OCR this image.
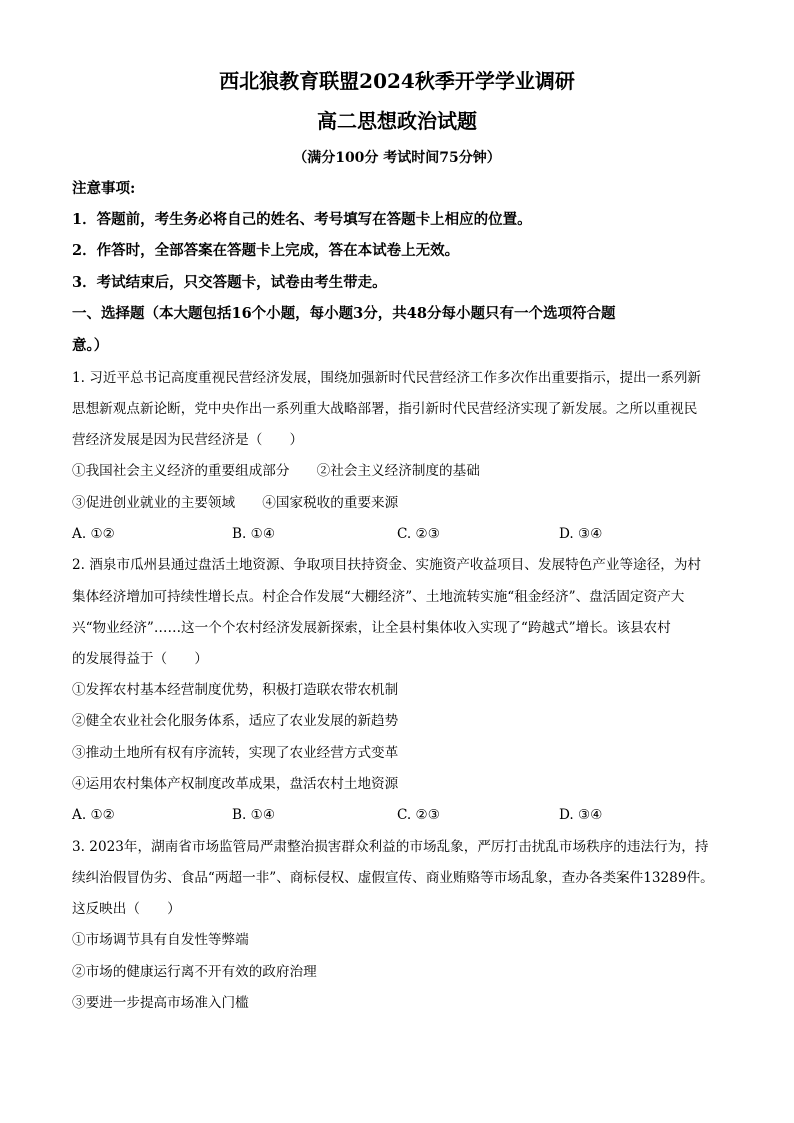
西北狼教育联盟2024秋季开学学业调研
高二思想政治试题
（满分100分 考试时间75分钟）
注意事项:
1．答题前，考生务必将自己的姓名、考号填写在答题卡上相应的位置。
2．作答时，全部答案在答题卡上完成，答在本试卷上无效。
3．考试结束后，只交答题卡，试卷由考生带走。
一、选择题（本大题包括16个小题，每小题3分，共48分每小题只有一个选项符合题
意。）
1. 习近平总书记高度重视民营经济发展，围绕加强新时代民营经济工作多次作出重要指示，提出一系列新
思想新观点新论断，党中央作出一系列重大战略部署，指引新时代民营经济实现了新发展。之所以重视民
营经济发展是因为民营经济是（　　）
①我国社会主义经济的重要组成部分　　②社会主义经济制度的基础
③促进创业就业的主要领域　　④国家税收的重要来源
A. ①②	B. ①④	C. ②③	D. ③④
2. 酒泉市瓜州县通过盘活土地资源、争取项目扶持资金、实施资产收益项目、发展特色产业等途径，为村
集体经济增加可持续性增长点。村企合作发展“大棚经济”、土地流转实施“租金经济”、盘活固定资产大
兴“物业经济”……这一个个农村经济发展新探索，让全县村集体收入实现了“跨越式”增长。该县农村
的发展得益于（　　）
①发挥农村基本经营制度优势，积极打造联农带农机制
②健全农业社会化服务体系，适应了农业发展的新趋势
③推动土地所有权有序流转，实现了农业经营方式变革
④运用农村集体产权制度改革成果，盘活农村土地资源
A. ①②	B. ①④	C. ②③	D. ③④
3. 2023年，湖南省市场监管局严肃整治损害群众利益的市场乱象，严厉打击扰乱市场秩序的违法行为，持
续纠治假冒伪劣、食品“两超一非”、商标侵权、虚假宣传、商业贿赂等市场乱象，查办各类案件13289件。
这反映出（　　）
①市场调节具有自发性等弊端
②市场的健康运行离不开有效的政府治理
③要进一步提高市场准入门槛
